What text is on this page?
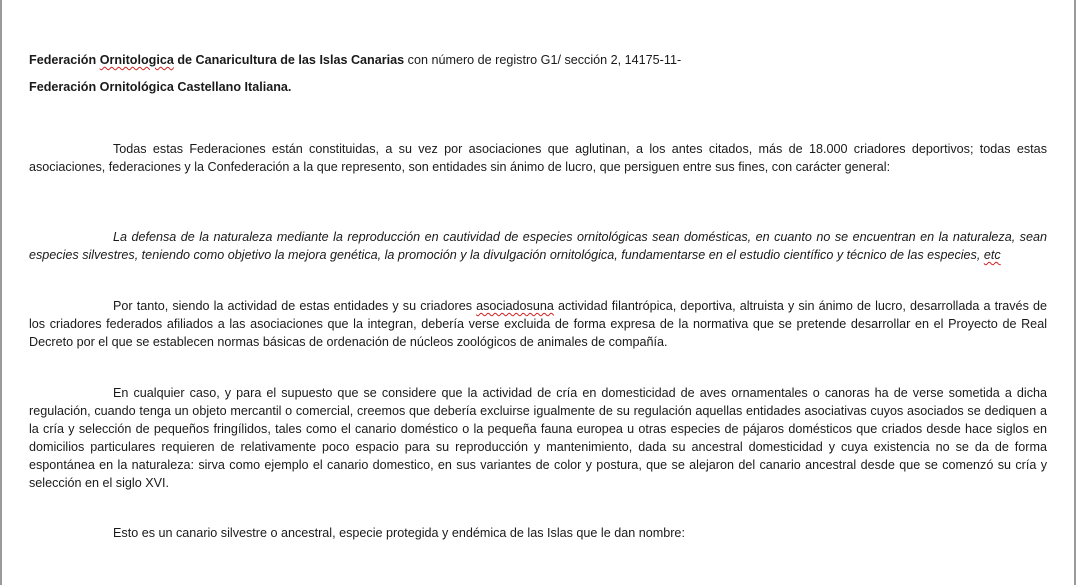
Federación Ornitologica de Canaricultura de las Islas Canarias con número de registro G1/ sección 2, 14175-11-
Federación Ornitológica Castellano Italiana.
Todas estas Federaciones están constituidas, a su vez por asociaciones que aglutinan, a los antes citados, más de 18.000 criadores deportivos; todas estas asociaciones, federaciones y la Confederación a la que represento, son entidades sin ánimo de lucro, que persiguen entre sus fines, con carácter general:
La defensa de la naturaleza mediante la reproducción en cautividad de especies ornitológicas sean domésticas, en cuanto no se encuentran en la naturaleza, sean especies silvestres, teniendo como objetivo la mejora genética, la promoción y la divulgación ornitológica, fundamentarse en el estudio científico y técnico de las especies, etc
Por tanto, siendo la actividad de estas entidades y su criadores asociadosuna actividad filantrópica, deportiva, altruista y sin ánimo de lucro, desarrollada a través de los criadores federados afiliados a las asociaciones que la integran, debería verse excluida de forma expresa de la normativa que se pretende desarrollar en el Proyecto de Real Decreto por el que se establecen normas básicas de ordenación de núcleos zoológicos de animales de compañía.
En cualquier caso, y para el supuesto que se considere que la actividad de cría en domesticidad de aves ornamentales o canoras ha de verse sometida a dicha regulación, cuando tenga un objeto mercantil o comercial, creemos que debería excluirse igualmente de su regulación aquellas entidades asociativas cuyos asociados se dediquen a la cría y selección de pequeños fringílidos, tales como el canario doméstico o la pequeña fauna europea u otras especies de pájaros domésticos que criados desde hace siglos en domicilios particulares requieren de relativamente poco espacio para su reproducción y mantenimiento, dada su ancestral domesticidad y cuya existencia no se da de forma espontánea en la naturaleza: sirva como ejemplo el canario domestico, en sus variantes de color y postura, que se alejaron del canario ancestral desde que se comenzó su cría y selección en el siglo XVI.
Esto es un canario silvestre o ancestral, especie protegida y endémica de las Islas que le dan nombre:
